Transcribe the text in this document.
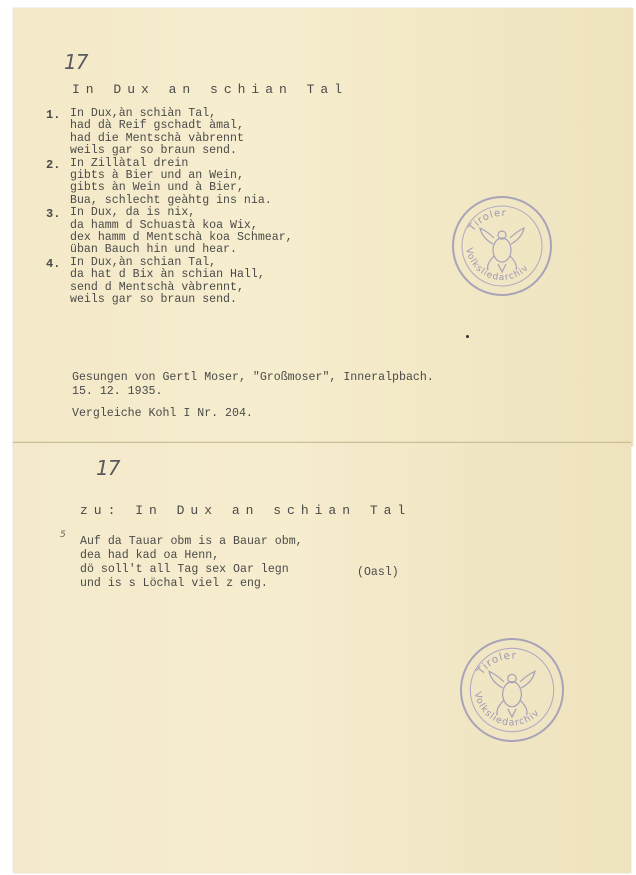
17
In Dux an schian Tal
1. In Dux,àn schiàn Tal,
had dà Reif gschadt àmal,
had die Mentschà vàbrennt
weils gar so braun send.
2. In Zillàtal drein
gibts à Bier und an Wein,
gibts àn Wein und à Bier,
Bua, schlecht geàhtg ins nia.
3. In Dux, da is nix,
da hamm d Schuastà koa Wix,
dex hamm d Mentschà koa Schmear,
üban Bauch hin und hear.
4. In Dux,àn schian Tal,
da hat d Bix àn schian Hall,
send d Mentschà vàbrennt,
weils gar so braun send.
Gesungen von Gertl Moser, "Großmoser", Inneralpbach.
15. 12. 1935.
Vergleiche Kohl I Nr. 204.
Tiroler
Volksliedarchiv
17
zu: In Dux an schian Tal
5 Auf da Tauar obm is a Bauar obm,
dea had kad oa Henn,
dö soll't all Tag sex Oar legn
und is s Löchal viel z eng.
(Oasl)
Tiroler
Volksliedarchiv
